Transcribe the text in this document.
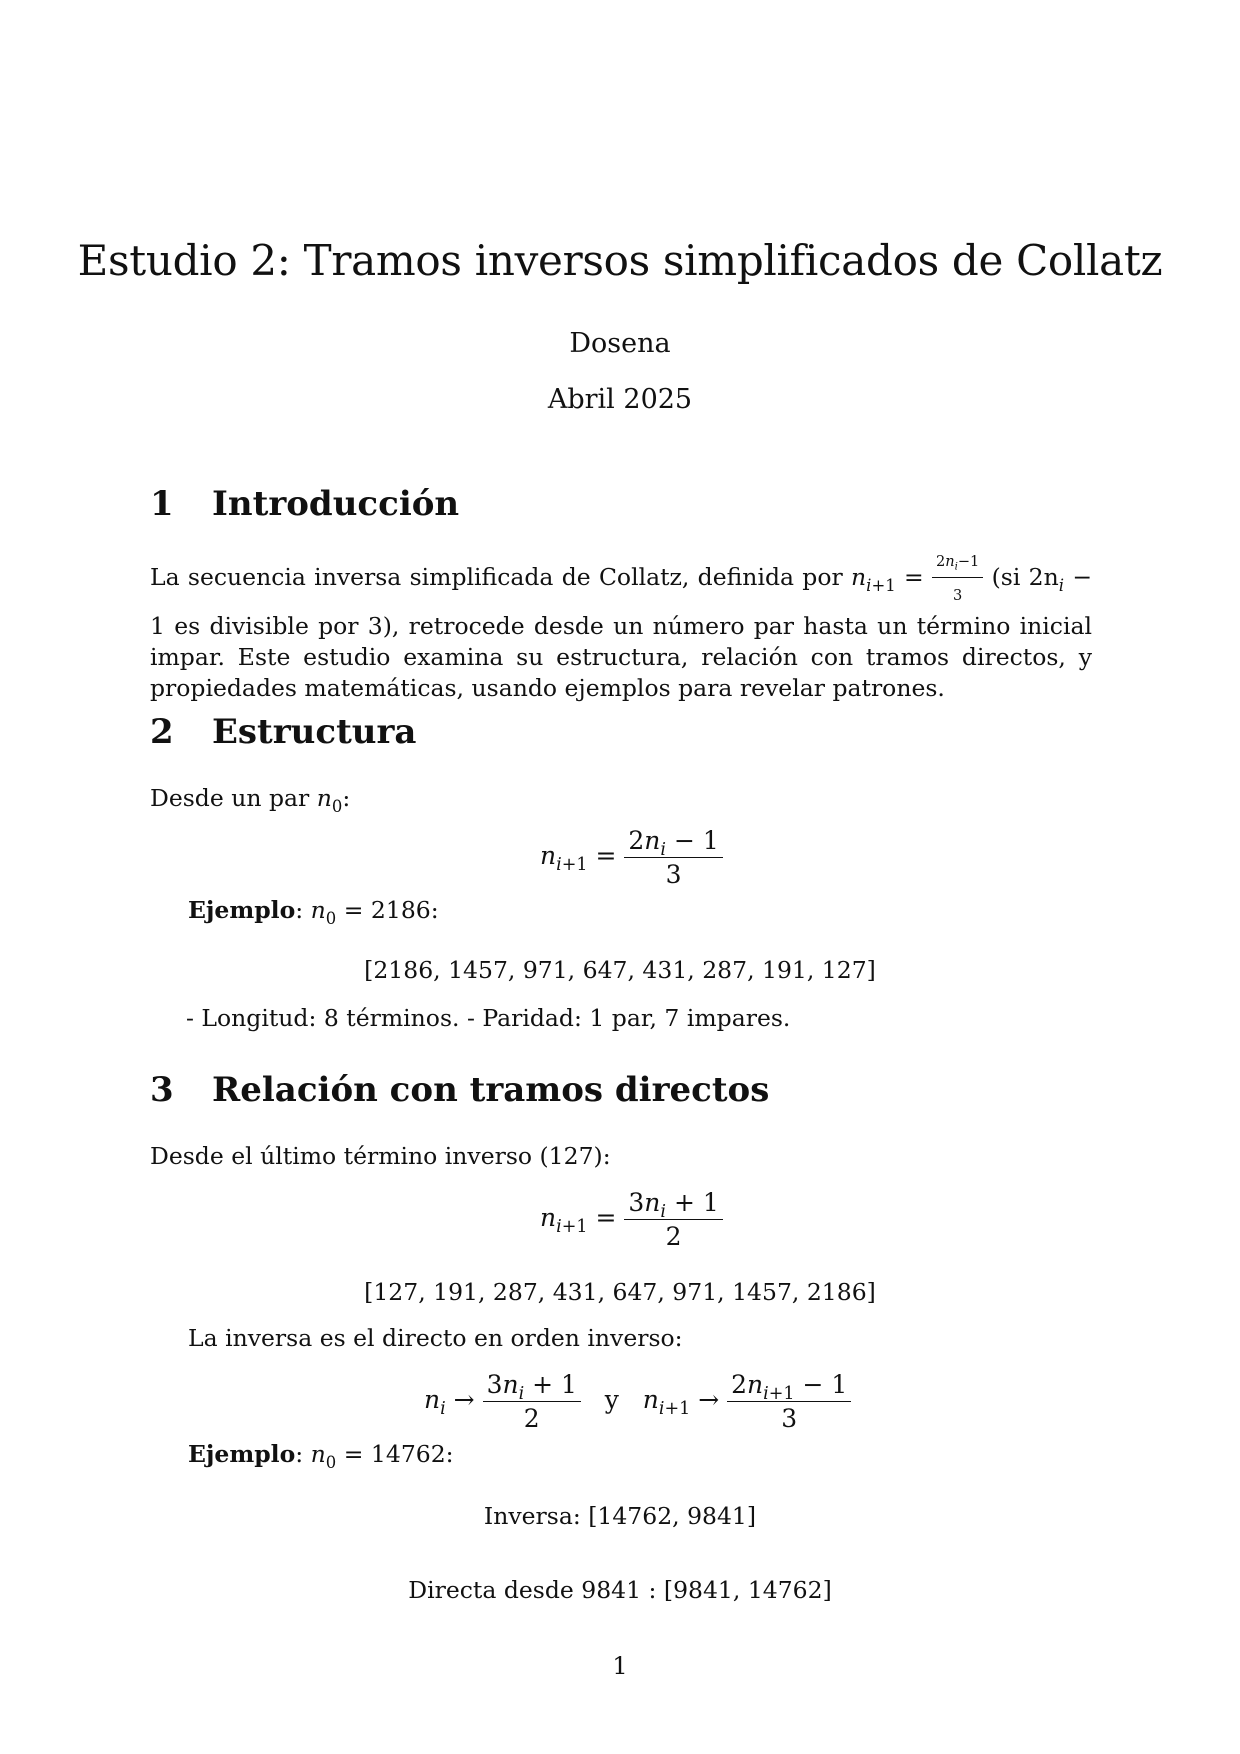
Estudio 2: Tramos inversos simplificados de Collatz
Dosena
Abril 2025
1 Introducción
La secuencia inversa simplificada de Collatz, definida por $n_{i+1} = \frac{2n_i-1}{3} (si$ $2n_i - 1$ es divisible por 3), retrocede desde un número par hasta un término inicial impar. Este estudio examina su estructura, relación con tramos directos, y propiedades matemáticas, usando ejemplos para revelar patrones.
2 Estructura
Desde un par $n_0$:
$n_{i+1} = \frac{2n_i - 1}{3}$
Ejemplo: $n_0 = 2186$:
[2186, 1457, 971, 647, 431, 287, 191, 127]
- Longitud: 8 términos. - Paridad: 1 par, 7 impares.
3 Relación con tramos directos
Desde el último término inverso (127):
$n_{i+1} = \frac{3n_i + 1}{2}$
[127, 191, 287, 431, 647, 971, 1457, 2186]
La inversa es el directo en orden inverso:
$n_i \to \frac{3n_i + 1}{2}$ y $n_{i+1} \to \frac{2n_{i+1} - 1}{3}$
Ejemplo: $n_0 = 14762$:
Inversa: [14762, 9841]
Directa desde 9841 : [9841, 14762]
1
